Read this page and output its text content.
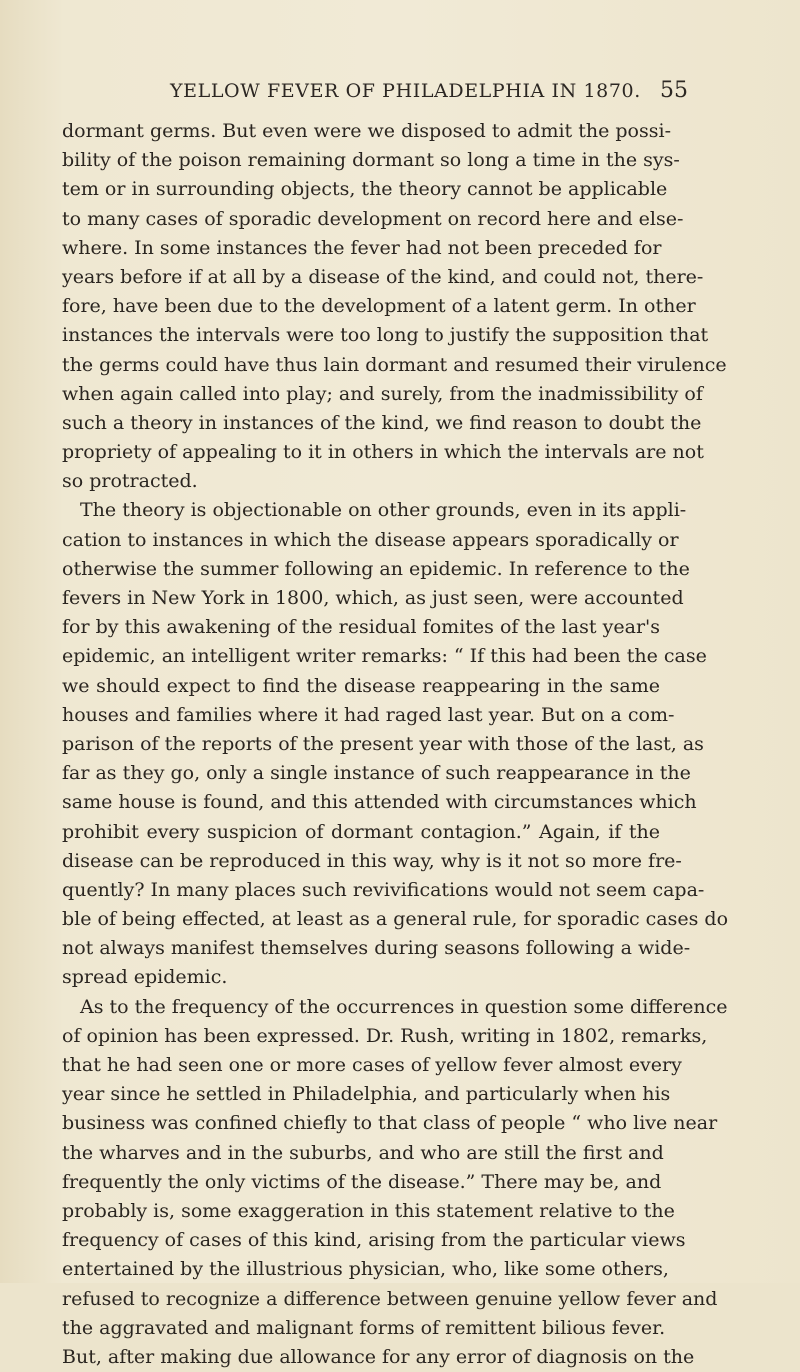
YELLOW FEVER OF PHILADELPHIA IN 1870. 55
dormant germs. But even were we disposed to admit the possi-
bility of the poison remaining dormant so long a time in the sys-
tem or in surrounding objects, the theory cannot be applicable
to many cases of sporadic development on record here and else-
where. In some instances the fever had not been preceded for
years before if at all by a disease of the kind, and could not, there-
fore, have been due to the development of a latent germ. In other
instances the intervals were too long to justify the supposition that
the germs could have thus lain dormant and resumed their virulence
when again called into play; and surely, from the inadmissibility of
such a theory in instances of the kind, we find reason to doubt the
propriety of appealing to it in others in which the intervals are not
so protracted.
The theory is objectionable on other grounds, even in its appli-
cation to instances in which the disease appears sporadically or
otherwise the summer following an epidemic. In reference to the
fevers in New York in 1800, which, as just seen, were accounted
for by this awakening of the residual fomites of the last year's
epidemic, an intelligent writer remarks: “ If this had been the case
we should expect to find the disease reappearing in the same
houses and families where it had raged last year. But on a com-
parison of the reports of the present year with those of the last, as
far as they go, only a single instance of such reappearance in the
same house is found, and this attended with circumstances which
prohibit every suspicion of dormant contagion.” Again, if the
disease can be reproduced in this way, why is it not so more fre-
quently? In many places such revivifications would not seem capa-
ble of being effected, at least as a general rule, for sporadic cases do
not always manifest themselves during seasons following a wide-
spread epidemic.
As to the frequency of the occurrences in question some difference
of opinion has been expressed. Dr. Rush, writing in 1802, remarks,
that he had seen one or more cases of yellow fever almost every
year since he settled in Philadelphia, and particularly when his
business was confined chiefly to that class of people “ who live near
the wharves and in the suburbs, and who are still the first and
frequently the only victims of the disease.” There may be, and
probably is, some exaggeration in this statement relative to the
frequency of cases of this kind, arising from the particular views
entertained by the illustrious physician, who, like some others,
refused to recognize a difference between genuine yellow fever and
the aggravated and malignant forms of remittent bilious fever.
But, after making due allowance for any error of diagnosis on the
